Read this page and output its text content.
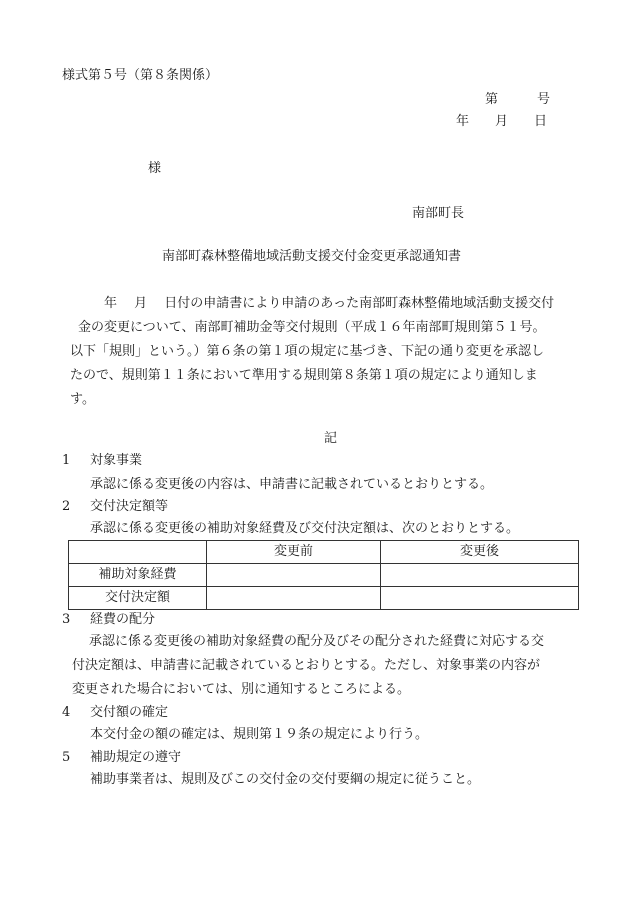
様式第５号（第８条関係）
第　　　号
年　　月　　日
様
南部町長
南部町森林整備地域活動支援交付金変更承認通知書
年　 月　 日付の申請書により申請のあった南部町森林整備地域活動支援交付
金の変更について、南部町補助金等交付規則（平成１６年南部町規則第５１号。
以下「規則」という。）第６条の第１項の規定に基づき、下記の通り変更を承認し
たので、規則第１１条において準用する規則第８条第１項の規定により通知しま
す。
記
1 対象事業
承認に係る変更後の内容は、申請書に記載されているとおりとする。
2 交付決定額等
承認に係る変更後の補助対象経費及び交付決定額は、次のとおりとする。
	変更前	変更後
補助対象経費		
交付決定額		
3 経費の配分
　承認に係る変更後の補助対象経費の配分及びその配分された経費に対応する交
付決定額は、申請書に記載されているとおりとする。ただし、対象事業の内容が
変更された場合においては、別に通知するところによる。
4 交付額の確定
本交付金の額の確定は、規則第１９条の規定により行う。
5 補助規定の遵守
補助事業者は、規則及びこの交付金の交付要綱の規定に従うこと。
